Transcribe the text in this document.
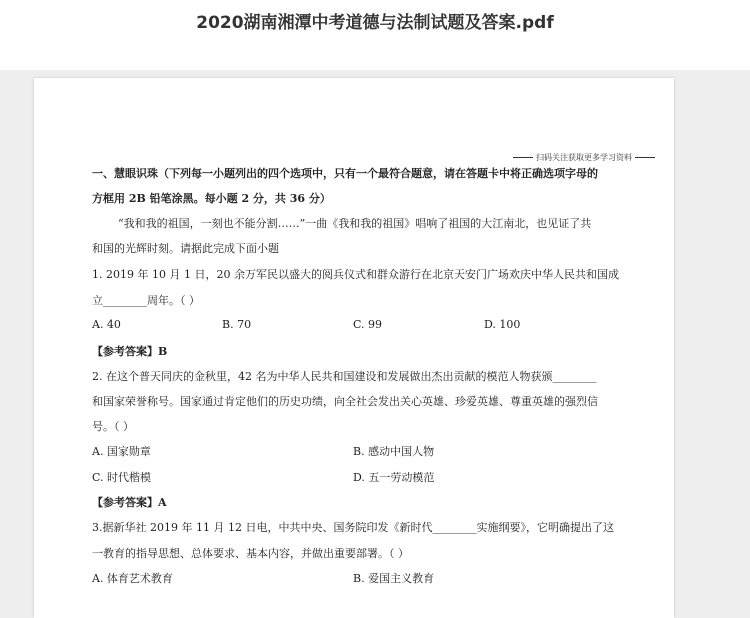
2020湖南湘潭中考道德与法制试题及答案.pdf
扫码关注获取更多学习资料
一、慧眼识珠（下列每一小题列出的四个选项中，只有一个最符合题意，请在答题卡中将正确选项字母的
方框用 2B 铅笔涂黑。每小题 2 分，共 36 分）
“我和我的祖国，一刻也不能分割……”一曲《我和我的祖国》唱响了祖国的大江南北，也见证了共
和国的光辉时刻。请据此完成下面小题
1. 2019 年 10 月 1 日，20 余万军民以盛大的阅兵仪式和群众游行在北京天安门广场欢庆中华人民共和国成
立________周年。（ ）
A. 40	B. 70	C. 99	D. 100
【参考答案】B
2. 在这个普天同庆的金秋里，42 名为中华人民共和国建设和发展做出杰出贡献的模范人物获颁________
和国家荣誉称号。国家通过肯定他们的历史功绩，向全社会发出关心英雄、珍爱英雄、尊重英雄的强烈信
号。（ ）
A. 国家勋章	B. 感动中国人物
C. 时代楷模	D. 五一劳动模范
【参考答案】A
3.据新华社 2019 年 11 月 12 日电，中共中央、国务院印发《新时代________实施纲要》，它明确提出了这
一教育的指导思想、总体要求、基本内容，并做出重要部署。（ ）
A. 体育艺术教育	B. 爱国主义教育
